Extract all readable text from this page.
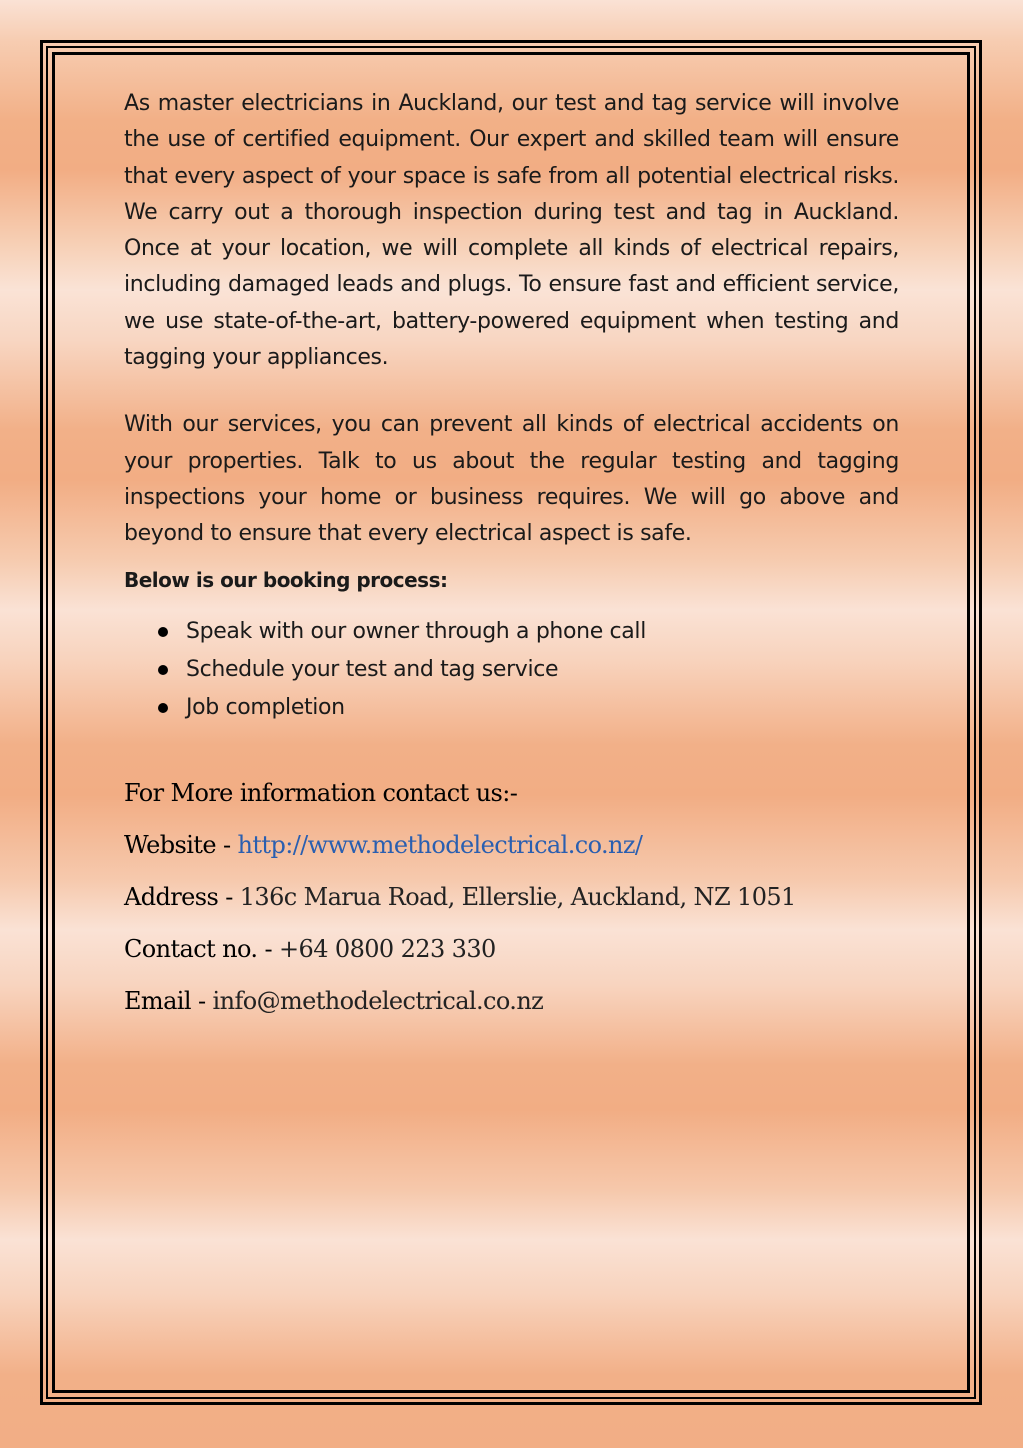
As master electricians in Auckland, our test and tag service will involve the use of certified equipment. Our expert and skilled team will ensure that every aspect of your space is safe from all potential electrical risks. We carry out a thorough inspection during test and tag in Auckland. Once at your location, we will complete all kinds of electrical repairs, including damaged leads and plugs. To ensure fast and efficient service, we use state-of-the-art, battery-powered equipment when testing and tagging your appliances.

With our services, you can prevent all kinds of electrical accidents on your properties. Talk to us about the regular testing and tagging inspections your home or business requires. We will go above and beyond to ensure that every electrical aspect is safe.

Below is our booking process:

Speak with our owner through a phone call
Schedule your test and tag service
Job completion
For More information contact us:-
Website - http://www.methodelectrical.co.nz/
Address - 136c Marua Road, Ellerslie, Auckland, NZ 1051
Contact no. - +64 0800 223 330
Email - info@methodelectrical.co.nz
